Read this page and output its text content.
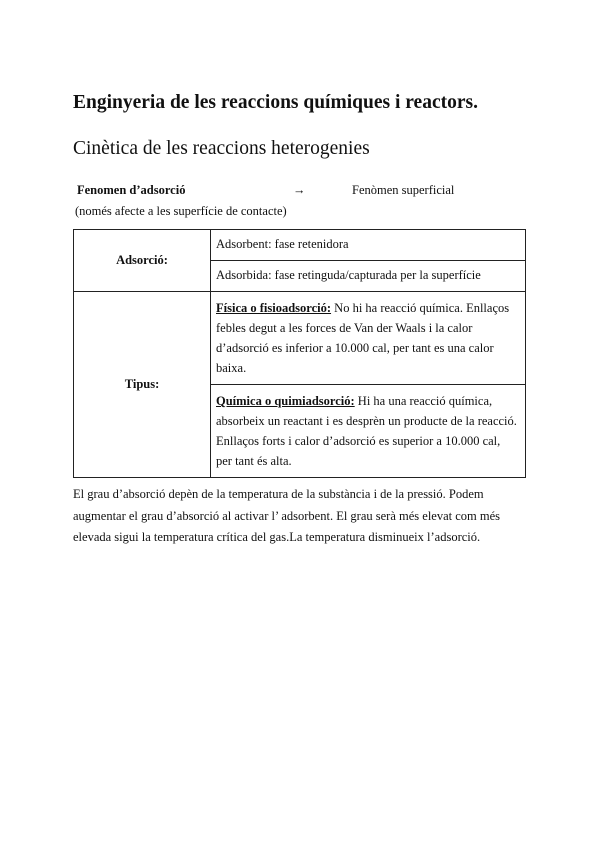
Enginyeria de les reaccions químiques i reactors.
Cinètica de les reaccions heterogenies
Fenomen d’adsorció	→	Fenòmen superficial
(només afecte a les superfície de contacte)
Adsorció:	Adsorbent: fase retenidora
	Adsorbida: fase retinguda/capturada per la superfície
Tipus:	Física o fisioadsorció: No hi ha reacció química. Enllaços febles degut a les forces de Van der Waals i la calor d’adsorció es inferior a 10.000 cal, per tant es una calor baixa.
	Química o quimiadsorció: Hi ha una reacció química, absorbeix un reactant i es desprèn un producte de la reacció. Enllaços forts i calor d’adsorció es superior a 10.000 cal, per tant és alta.

El grau d’absorció depèn de la temperatura de la substància i de la pressió. Podem augmentar el grau d’absorció al activar l’ adsorbent. El grau serà més elevat com més elevada sigui la temperatura crítica del gas.La temperatura disminueix l’adsorció.
